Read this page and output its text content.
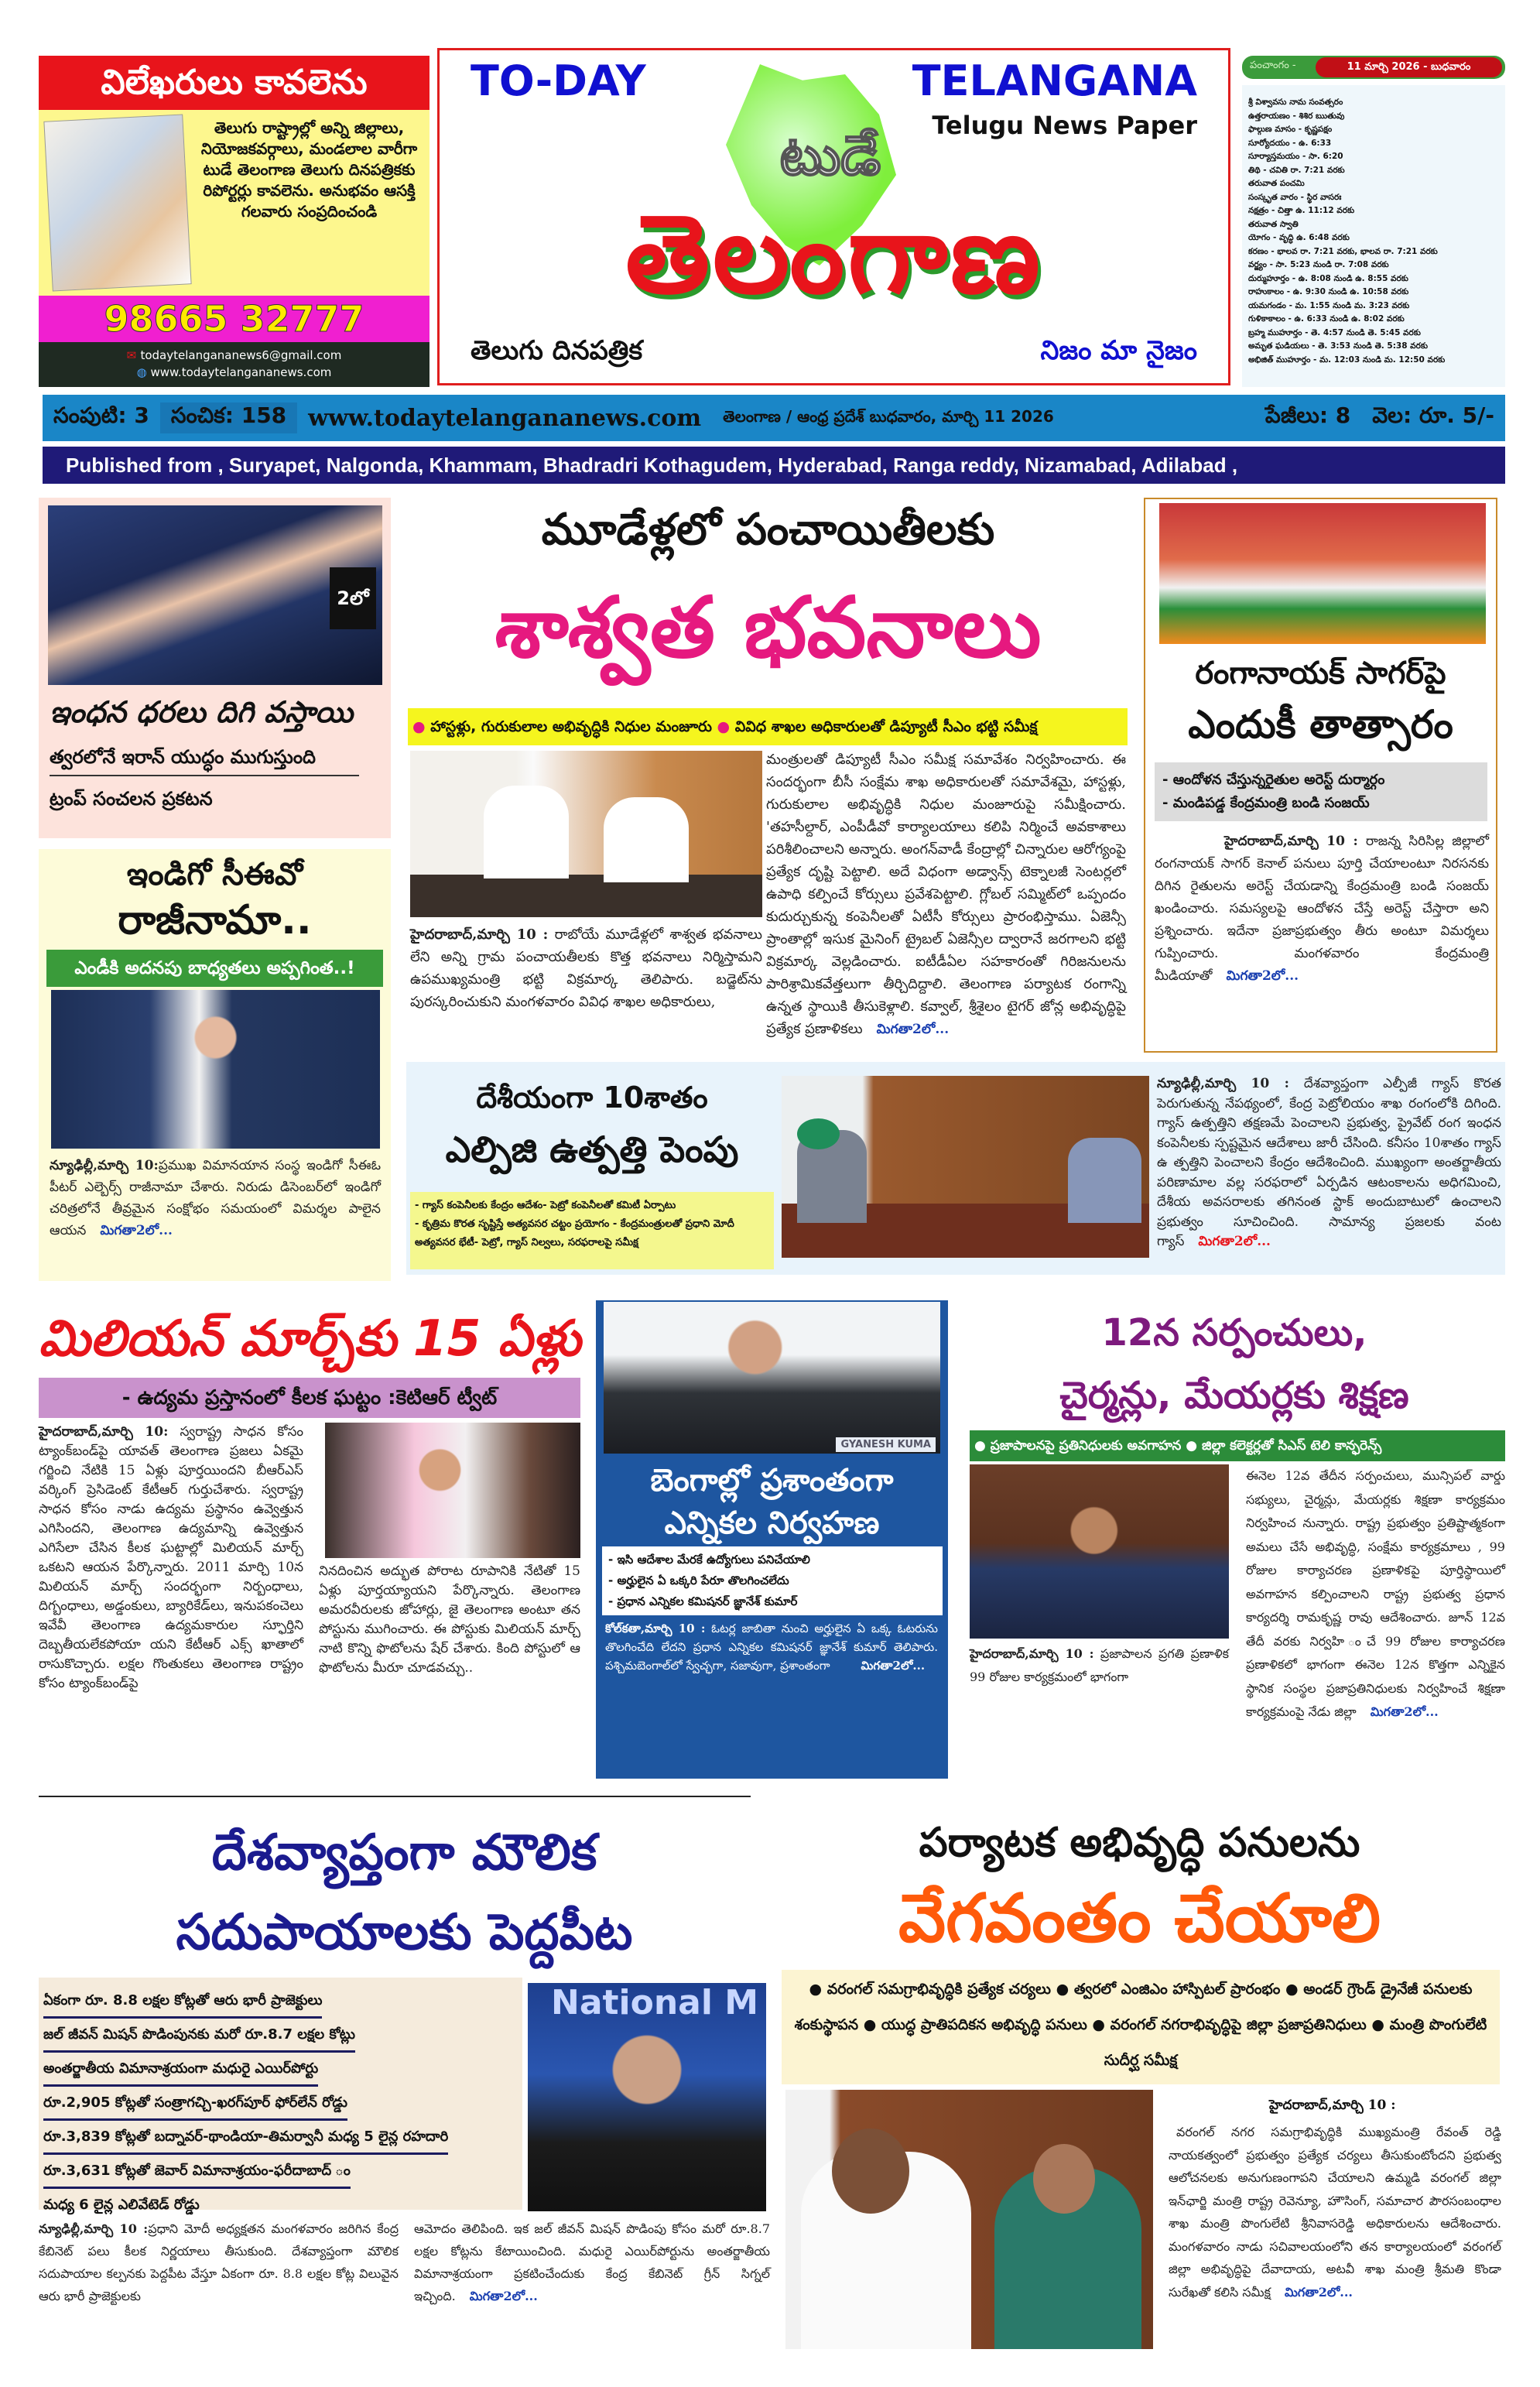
విలేఖరులు కావలెను
తెలుగు రాష్ట్రాల్లో అన్ని జిల్లాలు, నియోజకవర్గాలు, మండలాల వారీగా టుడే తెలంగాణ తెలుగు దినపత్రికకు రిపోర్టర్లు కావలెను. అనుభవం ఆసక్తి గలవారు సంప్రదించండి
98665 32777
✉ todaytelangananews6@gmail.com
◍ www.todaytelangananews.com
TO-DAY	TELANGANA
Telugu News Paper
టుడే
తెలంగాణ
తెలుగు దినపత్రిక	నిజం మా నైజం
పంచాంగం -	11 మార్చి 2026 - బుధవారం
శ్రీ విశ్వావసు నామ సంవత్సరం
ఉత్తరాయణం - శిశిర ఋతువు
ఫాల్గుణ మాసం - కృష్ణపక్షం
సూర్యోదయం - ఉ. 6:33
సూర్యాస్తమయం - సా. 6:20
తిథి - చవితి రా. 7:21 వరకు
తరువాత పంచమి
సంస్కృత వారం - స్థిర వాసరః
నక్షత్రం - చిత్తా ఉ. 11:12 వరకు
తరువాత స్వాతి
యోగం - వృద్ధి ఉ. 6:48 వరకు
కరణం - భాలవ రా. 7:21 వరకు, భాలవ రా. 7:21 వరకు
వర్జ్యం - సా. 5:23 నుండి రా. 7:08 వరకు
దుర్ముహూర్తం - ఉ. 8:08 నుండి ఉ. 8:55 వరకు
రాహుకాలం - ఉ. 9:30 నుండి ఉ. 10:58 వరకు
యమగండం - మ. 1:55 నుండి మ. 3:23 వరకు
గుళికాకాలం - ఉ. 6:33 నుండి ఉ. 8:02 వరకు
బ్రహ్మ ముహూర్తం - తె. 4:57 నుండి తె. 5:45 వరకు
అమృత ఘడియలు - తె. 3:53 నుండి తె. 5:38 వరకు
అభిజిత్ ముహూర్తం - మ. 12:03 నుండి మ. 12:50 వరకు
సంపుటి: 3	సంచిక: 158 www.todaytelangananews.com	తెలంగాణ / ఆంధ్ర ప్రదేశ్ బుధవారం, మార్చి 11 2026	పేజీలు: 8	వెల: రూ. 5/-
Published from , Suryapet, Nalgonda, Khammam, Bhadradri Kothagudem, Hyderabad, Ranga reddy, Nizamabad, Adilabad ,
2లో
ఇంధన ధరలు దిగి వస్తాయి
త్వరలోనే ఇరాన్ యుద్ధం ముగుస్తుంది
ట్రంప్ సంచలన ప్రకటన
ఇండిగో సీఈవో
రాజీనామా..
ఎండీకి అదనపు బాధ్యతలు అప్పగింత..!
న్యూఢిల్లీ,మార్చి 10:ప్రముఖ విమానయాన సంస్థ ఇండిగో సీఈఓ పీటర్ ఎల్బెర్స్ రాజీనామా చేశారు. నిరుడు డిసెంబర్‌లో ఇండిగో చరిత్రలోనే తీవ్రమైన సంక్షోభం సమయంలో విమర్శల పాలైన ఆయన మిగతా2లో...
మూడేళ్లలో పంచాయితీలకు
శాశ్వత భవనాలు
● హాస్టళ్లు, గురుకులాల అభివృద్ధికి నిధుల మంజూరు ● వివిధ శాఖల అధికారులతో డిప్యూటీ సీఎం భట్టి సమీక్ష
మంత్రులతో డిప్యూటీ సీఎం సమీక్ష సమావేశం నిర్వహించారు. ఈ సందర్భంగా బీసీ సంక్షేమ శాఖ అధికారులతో సమావేశమై, హాస్టళ్లు, గురుకులాల అభివృద్ధికి నిధుల మంజూరుపై సమీక్షించారు. 'తహసీల్దార్, ఎంపీడీవో కార్యాలయాలు కలిపి నిర్మించే అవకాశాలు పరిశీలించాలని అన్నారు. అంగన్‌వాడీ కేంద్రాల్లో చిన్నారుల ఆరోగ్యంపై ప్రత్యేక దృష్టి పెట్టాలి. అదే విధంగా అడ్వాన్స్ టెక్నాలజీ సెంటర్లలో ఉపాధి కల్పించే కోర్సులు ప్రవేశపెట్టాలి. గ్లోబల్ సమ్మిట్‌లో ఒప్పందం కుదుర్చుకున్న కంపెనీలతో ఏటీసీ కోర్సులు ప్రారంభిస్తాము. ఏజెన్సీ ప్రాంతాల్లో ఇసుక మైనింగ్ ట్రైబల్ ఏజెన్సీల ద్వారానే జరగాలని భట్టి విక్రమార్క వెల్లడించారు. ఐటీడీఏల సహకారంతో గిరిజనులను పారిశ్రామికవేత్తలుగా తీర్చిదిద్దాలి. తెలంగాణ పర్యాటక రంగాన్ని ఉన్నత స్థాయికి తీసుకెళ్లాలి. కవ్వాల్, శ్రీశైలం టైగర్ జోన్ల అభివృద్ధిపై ప్రత్యేక ప్రణాళికలు మిగతా2లో...
హైదరాబాద్,మార్చి 10 : రాబోయే మూడేళ్లలో శాశ్వత భవనాలు లేని అన్ని గ్రామ పంచాయతీలకు కొత్త భవనాలు నిర్మిస్తామని ఉపముఖ్యమంత్రి భట్టి విక్రమార్క తెలిపారు. బడ్జెట్‌ను పురస్కరించుకుని మంగళవారం వివిధ శాఖల అధికారులు,
రంగానాయక్ సాగర్‌పై
ఎందుకీ తాత్సారం
- ఆందోళన చేస్తున్నరైతుల అరెస్ట్ దుర్మార్గం
- మండిపడ్డ కేంద్రమంత్రి బండి సంజయ్
హైదరాబాద్,మార్చి 10 : రాజన్న సిరిసిల్ల జిల్లాలో రంగనాయక్ సాగర్ కెనాల్ పనులు పూర్తి చేయాలంటూ నిరసనకు దిగిన రైతులను అరెస్ట్ చేయడాన్ని కేంద్రమంత్రి బండి సంజయ్ ఖండించారు. సమస్యలపై ఆందోళన చేస్తే అరెస్ట్ చేస్తారా అని ప్రశ్నించారు. ఇదేనా ప్రజాప్రభుత్వం తీరు అంటూ విమర్శలు గుప్పించారు. మంగళవారం కేంద్రమంత్రి మీడియాతో మిగతా2లో...
దేశీయంగా 10శాతం
ఎల్పిజి ఉత్పత్తి పెంపు
- గ్యాస్ కంపెనీలకు కేంద్రం ఆదేశం- పెట్రో కంపెనీలతో కమిటీ ఏర్పాటు
- కృత్రిమ కొరత సృష్టిస్తే అత్యవసర చట్టం ప్రయోగం - కేంద్రమంత్రులతో ప్రధాని మోదీ అత్యవసర భేటీ- పెట్రో, గ్యాస్ నిల్వలు, సరఫరాలపై సమీక్ష
న్యూఢిల్లీ,మార్చి 10 : దేశవ్యాప్తంగా ఎల్పీజీ గ్యాస్ కొరత పెరుగుతున్న నేపథ్యంలో, కేంద్ర పెట్రోలియం శాఖ రంగంలోకి దిగింది. గ్యాస్ ఉత్పత్తిని తక్షణమే పెంచాలని ప్రభుత్వ, ప్రైవేట్ రంగ ఇంధన కంపెనీలకు స్పష్టమైన ఆదేశాలు జారీ చేసింది. కనీసం 10శాతం గ్యాస్ ఉ త్పత్తిని పెంచాలని కేంద్రం ఆదేశించింది. ముఖ్యంగా అంతర్జాతీయ పరిణామాల వల్ల సరఫరాలో ఏర్పడిన ఆటంకాలను అధిగమించి, దేశీయ అవసరాలకు తగినంత స్టాక్ అందుబాటులో ఉంచాలని ప్రభుత్వం సూచించింది. సామాన్య ప్రజలకు వంట గ్యాస్ మిగతా2లో...
మిలియన్ మార్చ్‌కు 15 ఏళ్లు
- ఉద్యమ ప్రస్తానంలో కీలక ఘట్టం :కెటిఆర్ ట్వీట్
హైదరాబాద్,మార్చి 10: స్వరాష్ట్ర సాధన కోసం ట్యాంక్‌బండ్‌పై యావత్ తెలంగాణ ప్రజలు ఏకమై గర్జించి నేటికి 15 ఏళ్లు పూర్తయిందని బీఆర్ఎస్ వర్కింగ్ ప్రెసిడెంట్ కేటీఆర్ గుర్తుచేశారు. స్వరాష్ట్ర సాధన కోసం నాడు ఉద్యమ ప్రస్థానం ఉవ్వెత్తున ఎగిసిందని, తెలంగాణ ఉద్యమాన్ని ఉవ్వెత్తున ఎగిసేలా చేసిన కీలక ఘట్టాల్లో మిలియన్ మార్చ్ ఒకటని ఆయన పేర్కొన్నారు. 2011 మార్చి 10న మిలియన్ మార్చ్ సందర్భంగా నిర్బంధాలు, దిగ్బంధాలు, అడ్డంకులు, బ్యారికేడ్‌లు, ఇనుపకంచెలు ఇవేవీ తెలంగాణ ఉద్యమకారుల స్ఫూర్తిని దెబ్బతీయలేకపోయా యని కేటీఆర్ ఎక్స్ ఖాతాలో రాసుకొచ్చారు. లక్షల గొంతుకలు తెలంగాణ రాష్ట్రం కోసం ట్యాంక్‌బండ్‌పై
నినదించిన అద్భుత పోరాట రూపానికి నేటితో 15 ఏళ్లు పూర్తయ్యాయని పేర్కొన్నారు. తెలంగాణ అమరవీరులకు జోహార్లు, జై తెలంగాణ అంటూ తన పోస్టును ముగించారు. ఈ పోస్టుకు మిలియన్ మార్చ్ నాటి కొన్ని ఫొటోలను షేర్ చేశారు. కింది పోస్టులో ఆ ఫొటోలను మీరూ చూడవచ్చు..
GYANESH KUMA
బెంగాల్లో ప్రశాంతంగా
ఎన్నికల నిర్వహణ
- ఇసి ఆదేశాల మేరకే ఉద్యోగులు పనిచేయాలి
- అర్హులైన ఏ ఒక్కరి పేరూ తొలగించలేదు
- ప్రధాన ఎన్నికల కమిషనర్ జ్ఞానేశ్ కుమార్
కోల్‌కతా,మార్చి 10 : ఓటర్ల జాబితా నుంచి అర్హులైన ఏ ఒక్క ఓటరును తొలగించేది లేదని ప్రధాన ఎన్నికల కమిషనర్ జ్ఞానేశ్ కుమార్ తెలిపారు. పశ్చిమబెంగాల్‌లో స్వేచ్ఛగా, సజావుగా, ప్రశాంతంగా	మిగతా2లో...
12న సర్పంచులు,
చైర్మన్లు, మేయర్లకు శిక్షణ
● ప్రజాపాలనపై ప్రతినిధులకు అవగాహన ● జిల్లా కలెక్టర్లతో సిఎస్ టెలి కాన్ఫరెన్స్
హైదరాబాద్,మార్చి 10 : ప్రజాపాలన ప్రగతి ప్రణాళిక 99 రోజుల కార్యక్రమంలో భాగంగా
ఈనెల 12వ తేదీన సర్పంచులు, మున్సిపల్ వార్డు సభ్యులు, చైర్మన్లు, మేయర్లకు శిక్షణా కార్యక్రమం నిర్వహించ నున్నారు. రాష్ట్ర ప్రభుత్వం ప్రతిష్టాత్మకంగా అమలు చేసే అభివృద్ధి, సంక్షేమ కార్యక్రమాలు , 99 రోజుల కార్యాచరణ ప్రణాళికపై పూర్తిస్థాయిలో అవగాహన కల్పించాలని రాష్ట్ర ప్రభుత్వ ప్రధాన కార్యదర్శి రామకృష్ణ రావు ఆదేశించారు. జూన్ 12వ తేదీ వరకు నిర్వహి ంచే 99 రోజుల కార్యాచరణ ప్రణాళికలో భాగంగా ఈనెల 12న కొత్తగా ఎన్నికైన స్థానిక సంస్థల ప్రజాప్రతినిధులకు నిర్వహించే శిక్షణా కార్యక్రమంపై నేడు జిల్లా మిగతా2లో...
దేశవ్యాప్తంగా మౌలిక
సదుపాయాలకు పెద్దపీట
ఏకంగా రూ. 8.8 లక్షల కోట్లతో ఆరు భారీ ప్రాజెక్టులు
జల్ జీవన్ మిషన్ పొడింపునకు మరో రూ.8.7 లక్షల కోట్లు
అంతర్జాతీయ విమానాశ్రయంగా మధురై ఎయిర్‌పోర్టు
రూ.2,905 కోట్లతో సంత్రాగచ్చి-ఖరగ్‌పూర్ ఫోర్‌లేన్ రోడ్డు
రూ.3,839 కోట్లతో బద్నావర్-థాండియా-తిమర్వానీ మధ్య 5 లైన్ల రహదారి
రూ.3,631 కోట్లతో జెవార్ విమానాశ్రయం-ఫరీదాబాద్ ం
మధ్య 6 లైన్ల ఎలివేటెడ్ రోడ్డు
National M
న్యూఢిల్లీ,మార్చి 10 :ప్రధాని మోదీ అధ్యక్షతన మంగళవారం జరిగిన కేంద్ర కేబినెట్ పలు కీలక నిర్ణయాలు తీసుకుంది. దేశవ్యాప్తంగా మౌలిక సదుపాయాల కల్పనకు పెద్దపీట వేస్తూ ఏకంగా రూ. 8.8 లక్షల కోట్ల విలువైన ఆరు భారీ ప్రాజెక్టులకు
ఆమోదం తెలిపింది. ఇక జల్ జీవన్ మిషన్ పొడింపు కోసం మరో రూ.8.7 లక్షల కోట్లను కేటాయించింది. మధురై ఎయిర్‌పోర్టును అంతర్జాతీయ విమానాశ్రయంగా ప్రకటించేందుకు కేంద్ర కేబినెట్ గ్రీన్ సిగ్నల్ ఇచ్చింది. మిగతా2లో...
పర్యాటక అభివృద్ధి పనులను
వేగవంతం చేయాలి
● వరంగల్ సమగ్రాభివృద్ధికి ప్రత్యేక చర్యలు ● త్వరలో ఎంజిఎం హాస్పిటల్ ప్రారంభం ● అండర్ గ్రౌండ్ డ్రైనేజీ పనులకు శంకుస్థాపన ● యుద్ధ ప్రాతిపదికన అభివృద్ధి పనులు ● వరంగల్ నగరాభివృద్ధిపై జిల్లా ప్రజాప్రతినిధులు ● మంత్రి పొంగులేటి సుదీర్ఘ సమీక్ష
హైదరాబాద్,మార్చి 10 :
వరంగల్ నగర సమగ్రాభివృద్ధికి ముఖ్యమంత్రి రేవంత్ రెడ్డి నాయకత్వంలో ప్రభుత్వం ప్రత్యేక చర్యలు తీసుకుంటోందని ప్రభుత్వ ఆలోచనలకు అనుగుణంగాపని చేయాలని ఉమ్మడి వరంగల్ జిల్లా ఇన్‌ఛార్జి మంత్రి రాష్ట్ర రెవెన్యూ, హౌసింగ్, సమాచార పౌరసంబంధాల శాఖ మంత్రి పొంగులేటి శ్రీనివాసరెడ్డి అధికారులను ఆదేశించారు. మంగళవారం నాడు సచివాలయంలోని తన కార్యాలయంలో వరంగల్ జిల్లా అభివృద్ధిపై దేవాదాయ, అటవీ శాఖ మంత్రి శ్రీమతి కొండా సురేఖతో కలిసి సమీక్ష మిగతా2లో...
